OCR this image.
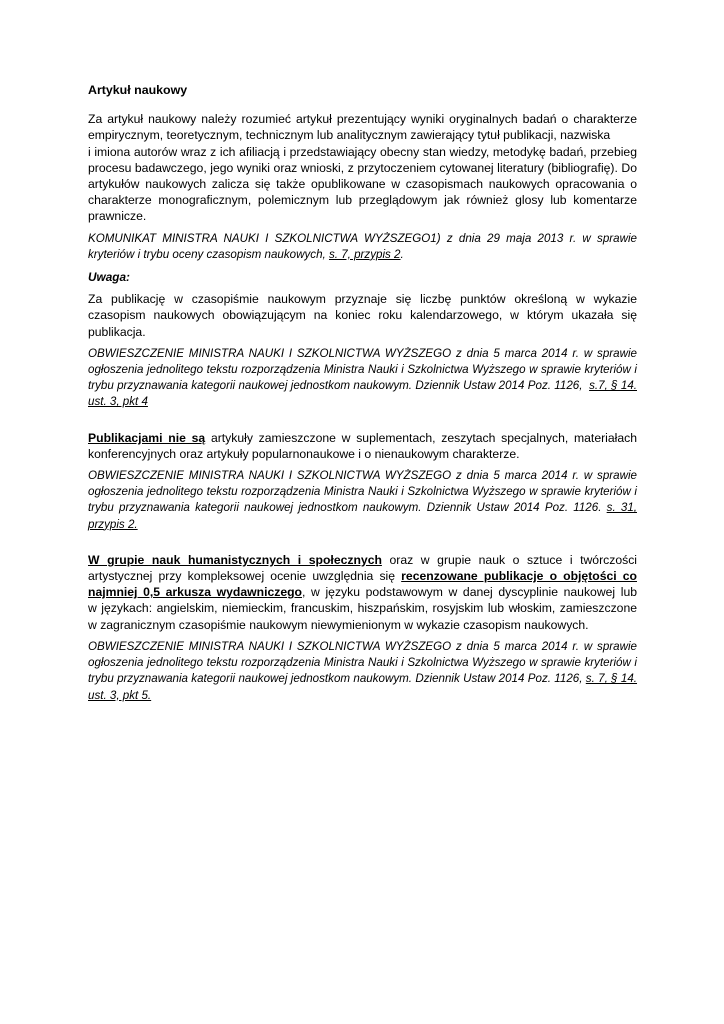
Artykuł naukowy

Za artykuł naukowy należy rozumieć artykuł prezentujący wyniki oryginalnych badań o charakterze empirycznym, teoretycznym, technicznym lub analitycznym zawierający tytuł publikacji, nazwiska
i imiona autorów wraz z ich afiliacją i przedstawiający obecny stan wiedzy, metodykę badań, przebieg procesu badawczego, jego wyniki oraz wnioski, z przytoczeniem cytowanej literatury (bibliografię). Do artykułów naukowych zalicza się także opublikowane w czasopismach naukowych opracowania o charakterze monograficznym, polemicznym lub przeglądowym jak również glosy lub komentarze prawnicze.

KOMUNIKAT MINISTRA NAUKI I SZKOLNICTWA WYŻSZEGO1) z dnia 29 maja 2013 r. w sprawie kryteriów i trybu oceny czasopism naukowych, s. 7, przypis 2.

Uwaga:

Za publikację w czasopiśmie naukowym przyznaje się liczbę punktów określoną w wykazie czasopism naukowych obowiązującym na koniec roku kalendarzowego, w którym ukazała się publikacja.

OBWIESZCZENIE MINISTRA NAUKI I SZKOLNICTWA WYŻSZEGO z dnia 5 marca 2014 r. w sprawie ogłoszenia jednolitego tekstu rozporządzenia Ministra Nauki i Szkolnictwa Wyższego w sprawie kryteriów i trybu przyznawania kategorii naukowej jednostkom naukowym. Dziennik Ustaw 2014 Poz. 1126,  s.7, § 14. ust. 3, pkt 4

Publikacjami nie są artykuły zamieszczone w suplementach, zeszytach specjalnych, materiałach konferencyjnych oraz artykuły popularnonaukowe i o nienaukowym charakterze.

OBWIESZCZENIE MINISTRA NAUKI I SZKOLNICTWA WYŻSZEGO z dnia 5 marca 2014 r. w sprawie ogłoszenia jednolitego tekstu rozporządzenia Ministra Nauki i Szkolnictwa Wyższego w sprawie kryteriów i trybu przyznawania kategorii naukowej jednostkom naukowym. Dziennik Ustaw 2014 Poz. 1126. s. 31, przypis 2.

W grupie nauk humanistycznych i społecznych oraz w grupie nauk o sztuce i twórczości artystycznej przy kompleksowej ocenie uwzględnia się recenzowane publikacje o objętości co najmniej 0,5 arkusza wydawniczego, w języku podstawowym w danej dyscyplinie naukowej lub w językach: angielskim, niemieckim, francuskim, hiszpańskim, rosyjskim lub włoskim, zamieszczone w zagranicznym czasopiśmie naukowym niewymienionym w wykazie czasopism naukowych.

OBWIESZCZENIE MINISTRA NAUKI I SZKOLNICTWA WYŻSZEGO z dnia 5 marca 2014 r. w sprawie ogłoszenia jednolitego tekstu rozporządzenia Ministra Nauki i Szkolnictwa Wyższego w sprawie kryteriów i trybu przyznawania kategorii naukowej jednostkom naukowym. Dziennik Ustaw 2014 Poz. 1126, s. 7, § 14. ust. 3, pkt 5.
